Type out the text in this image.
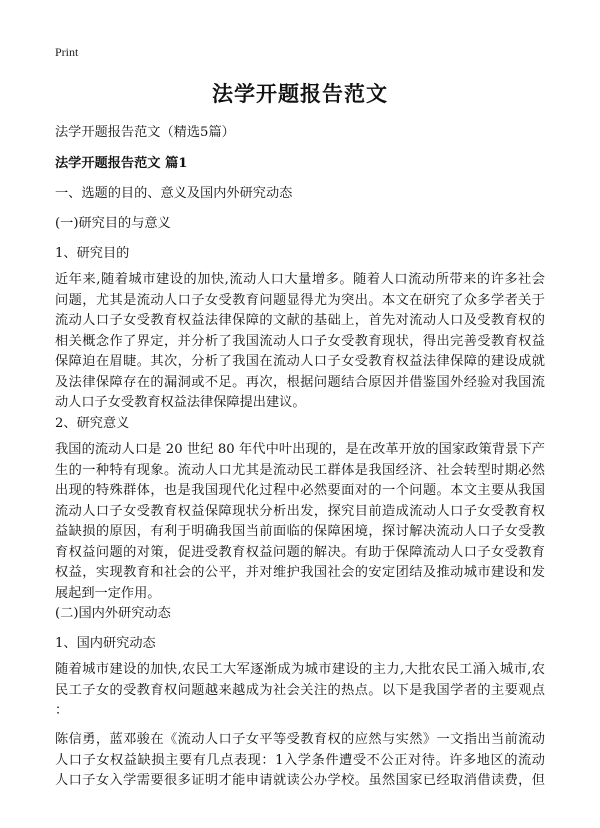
Print
法学开题报告范文
法学开题报告范文（精选5篇）
法学开题报告范文 篇1
一、选题的目的、意义及国内外研究动态
(一)研究目的与意义
1、研究目的
近年来,随着城市建设的加快,流动人口大量增多。随着人口流动所带来的许多社会
问题，尤其是流动人口子女受教育问题显得尤为突出。本文在研究了众多学者关于
流动人口子女受教育权益法律保障的文献的基础上，首先对流动人口及受教育权的
相关概念作了界定，并分析了我国流动人口子女受教育现状，得出完善受教育权益
保障迫在眉睫。其次，分析了我国在流动人口子女受教育权益法律保障的建设成就
及法律保障存在的漏洞或不足。再次，根据问题结合原因并借鉴国外经验对我国流
动人口子女受教育权益法律保障提出建议。
2、研究意义
我国的流动人口是 20 世纪 80 年代中叶出现的，是在改革开放的国家政策背景下产
生的一种特有现象。流动人口尤其是流动民工群体是我国经济、社会转型时期必然
出现的特殊群体，也是我国现代化过程中必然要面对的一个问题。本文主要从我国
流动人口子女受教育权益保障现状分析出发，探究目前造成流动人口子女受教育权
益缺损的原因，有利于明确我国当前面临的保障困境，探讨解决流动人口子女受教
育权益问题的对策，促进受教育权益问题的解决。有助于保障流动人口子女受教育
权益，实现教育和社会的公平，并对维护我国社会的安定团结及推动城市建设和发
展起到一定作用。
(二)国内外研究动态
1、国内研究动态
随着城市建设的加快,农民工大军逐渐成为城市建设的主力,大批农民工涌入城市,农
民工子女的受教育权问题越来越成为社会关注的热点。以下是我国学者的主要观点
：
陈信勇，蓝邓骏在《流动人口子女平等受教育权的应然与实然》一文指出当前流动
人口子女权益缺损主要有几点表现：1入学条件遭受不公正对待。许多地区的流动
人口子女入学需要很多证明才能申请就读公办学校。虽然国家已经取消借读费，但
